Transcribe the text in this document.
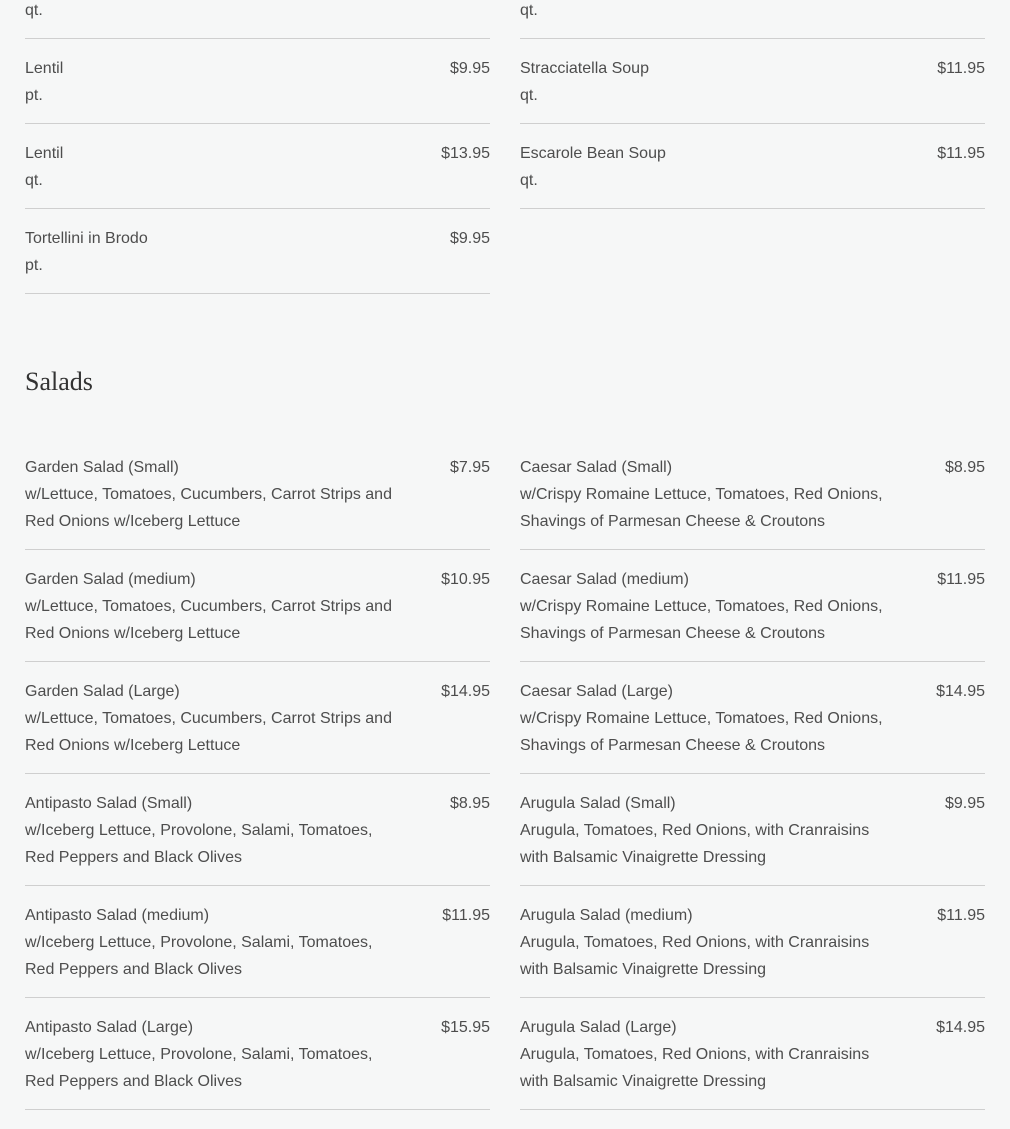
qt.	qt.
Lentil
pt.
$9.95
Lentil
qt.
$13.95
Tortellini in Brodo
pt.
$9.95
Stracciatella Soup
qt.
$11.95
Escarole Bean Soup
qt.
$11.95
Salads
Garden Salad (Small)
w/Lettuce, Tomatoes, Cucumbers, Carrot Strips and Red Onions w/Iceberg Lettuce
$7.95
Garden Salad (medium)
w/Lettuce, Tomatoes, Cucumbers, Carrot Strips and Red Onions w/Iceberg Lettuce
$10.95
Garden Salad (Large)
w/Lettuce, Tomatoes, Cucumbers, Carrot Strips and Red Onions w/Iceberg Lettuce
$14.95
Antipasto Salad (Small)
w/Iceberg Lettuce, Provolone, Salami, Tomatoes, Red Peppers and Black Olives
$8.95
Antipasto Salad (medium)
w/Iceberg Lettuce, Provolone, Salami, Tomatoes, Red Peppers and Black Olives
$11.95
Antipasto Salad (Large)
w/Iceberg Lettuce, Provolone, Salami, Tomatoes, Red Peppers and Black Olives
$15.95
Caesar Salad (Small)
w/Crispy Romaine Lettuce, Tomatoes, Red Onions, Shavings of Parmesan Cheese & Croutons
$8.95
Caesar Salad (medium)
w/Crispy Romaine Lettuce, Tomatoes, Red Onions, Shavings of Parmesan Cheese & Croutons
$11.95
Caesar Salad (Large)
w/Crispy Romaine Lettuce, Tomatoes, Red Onions, Shavings of Parmesan Cheese & Croutons
$14.95
Arugula Salad (Small)
Arugula, Tomatoes, Red Onions, with Cranraisins with Balsamic Vinaigrette Dressing
$9.95
Arugula Salad (medium)
Arugula, Tomatoes, Red Onions, with Cranraisins with Balsamic Vinaigrette Dressing
$11.95
Arugula Salad (Large)
Arugula, Tomatoes, Red Onions, with Cranraisins with Balsamic Vinaigrette Dressing
$14.95
